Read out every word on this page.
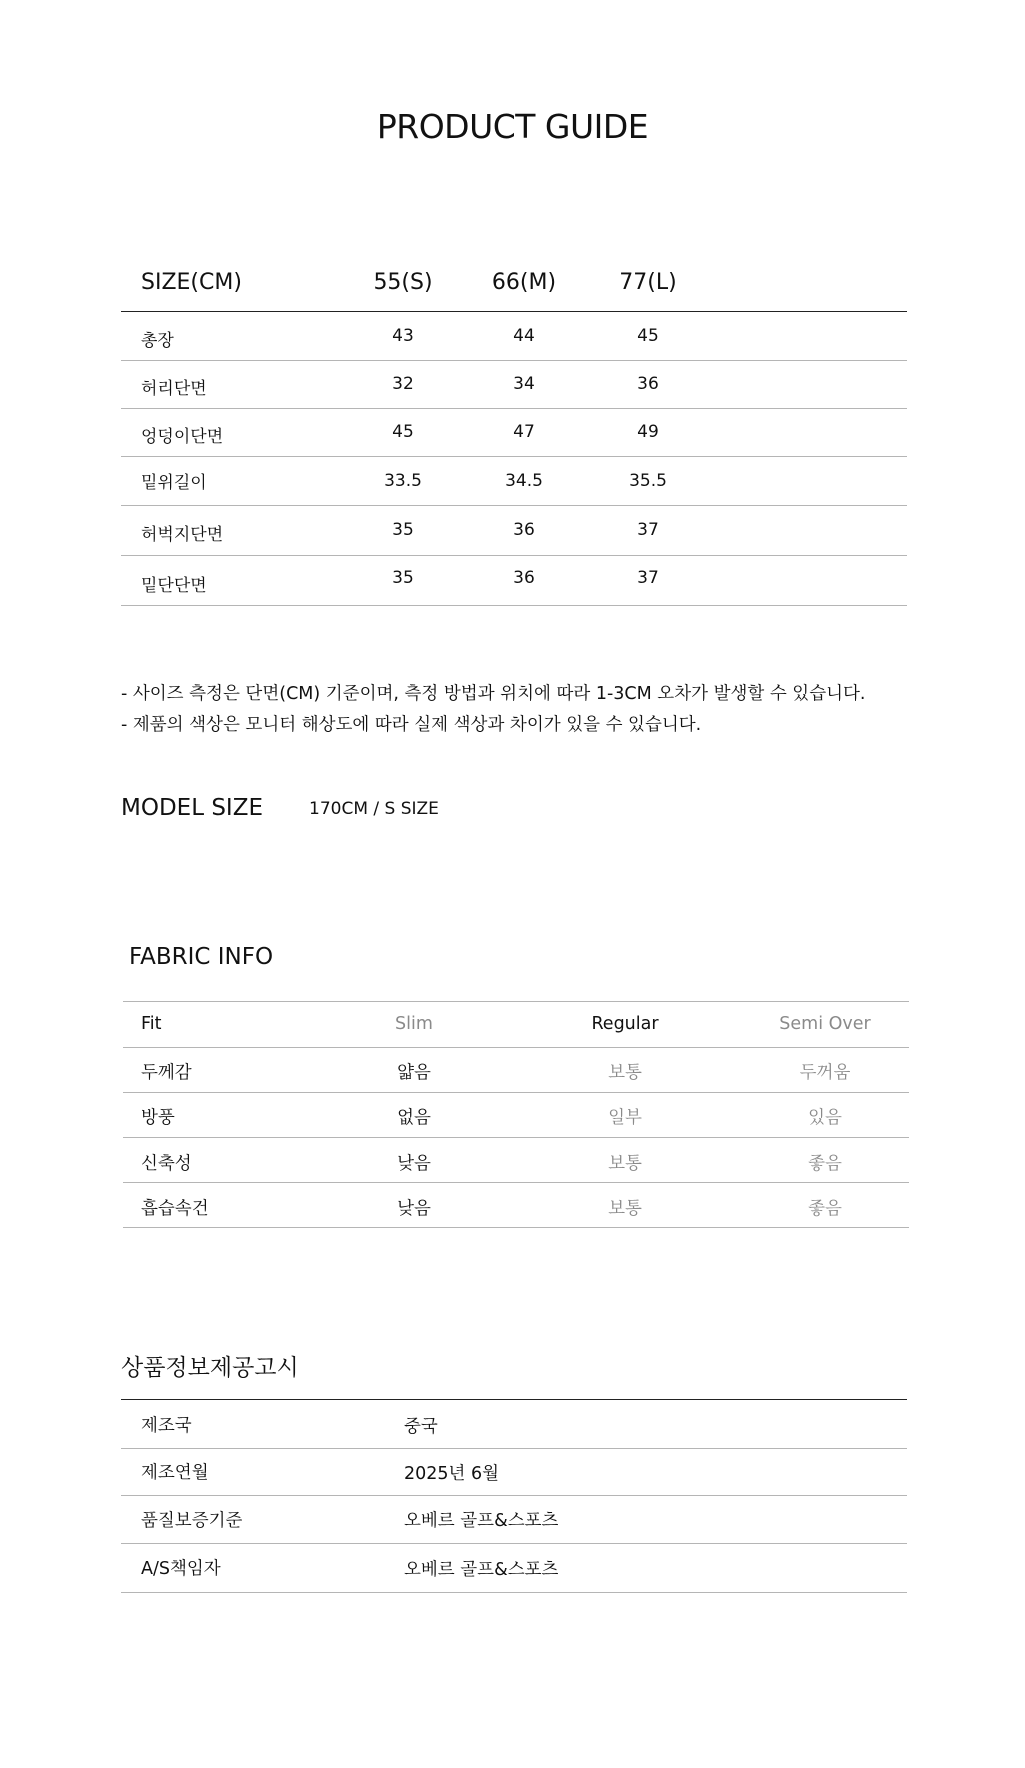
PRODUCT GUIDE
SIZE(CM)	55(S)	66(M)	77(L)
총장	43	44	45
허리단면	32	34	36
엉덩이단면	45	47	49
밑위길이	33.5	34.5	35.5
허벅지단면	35	36	37
밑단단면	35	36	37
- 사이즈 측정은 단면(CM) 기준이며, 측정 방법과 위치에 따라 1-3CM 오차가 발생할 수 있습니다.
- 제품의 색상은 모니터 해상도에 따라 실제 색상과 차이가 있을 수 있습니다.
MODEL SIZE	170CM / S SIZE
FABRIC INFO
Fit	Slim	Regular	Semi Over
두께감	얇음	보통	두꺼움
방풍	없음	일부	있음
신축성	낮음	보통	좋음
흡습속건	낮음	보통	좋음
상품정보제공고시
제조국	중국
제조연월	2025년 6월
품질보증기준	오베르 골프&스포츠
A/S책임자	오베르 골프&스포츠
